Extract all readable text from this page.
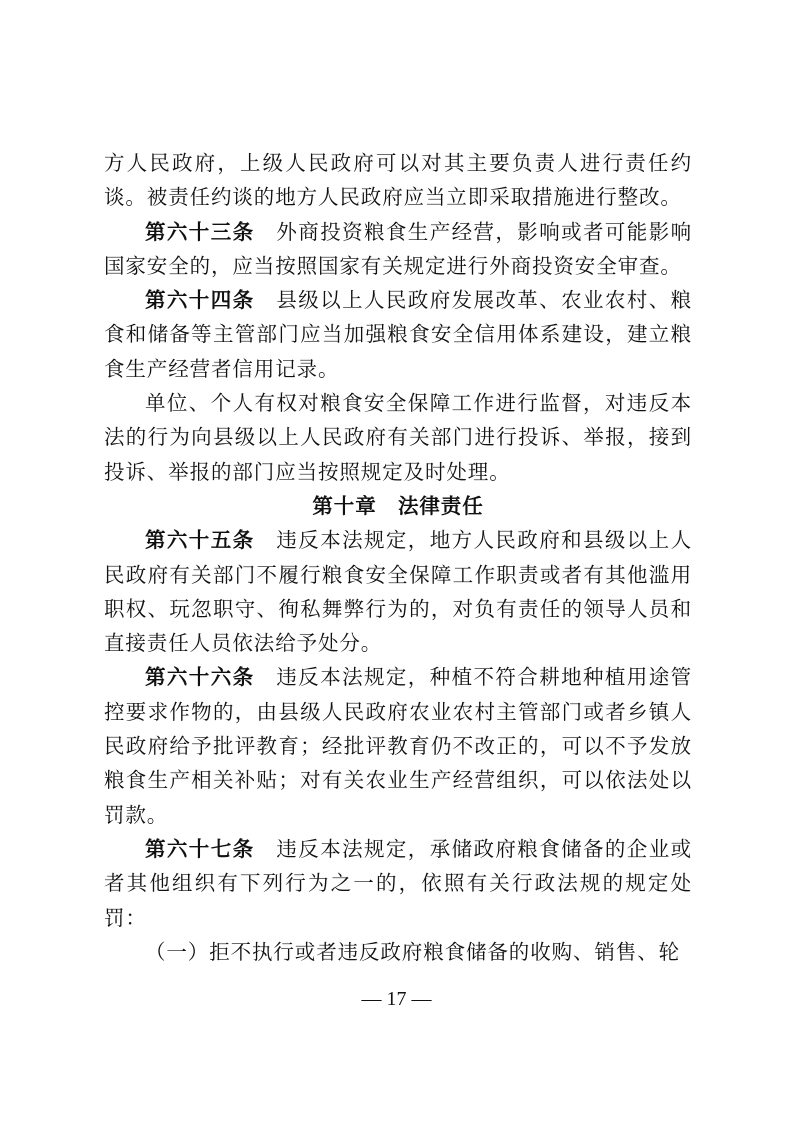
方人民政府，上级人民政府可以对其主要负责人进行责任约谈。被责任约谈的地方人民政府应当立即采取措施进行整改。

第六十三条　 外商投资粮食生产经营，影响或者可能影响国家安全的，应当按照国家有关规定进行外商投资安全审查。

第六十四条　 县级以上人民政府发展改革、农业农村、粮食和储备等主管部门应当加强粮食安全信用体系建设，建立粮食生产经营者信用记录。

单位、个人有权对粮食安全保障工作进行监督，对违反本法的行为向县级以上人民政府有关部门进行投诉、举报，接到投诉、举报的部门应当按照规定及时处理。

第十章　法律责任

第六十五条　 违反本法规定，地方人民政府和县级以上人民政府有关部门不履行粮食安全保障工作职责或者有其他滥用职权、玩忽职守、徇私舞弊行为的，对负有责任的领导人员和直接责任人员依法给予处分。

第六十六条　 违反本法规定，种植不符合耕地种植用途管控要求作物的，由县级人民政府农业农村主管部门或者乡镇人民政府给予批评教育；经批评教育仍不改正的，可以不予发放粮食生产相关补贴；对有关农业生产经营组织，可以依法处以罚款。

第六十七条　 违反本法规定，承储政府粮食储备的企业或者其他组织有下列行为之一的，依照有关行政法规的规定处罚：

（一）拒不执行或者违反政府粮食储备的收购、销售、轮

— 17 —
